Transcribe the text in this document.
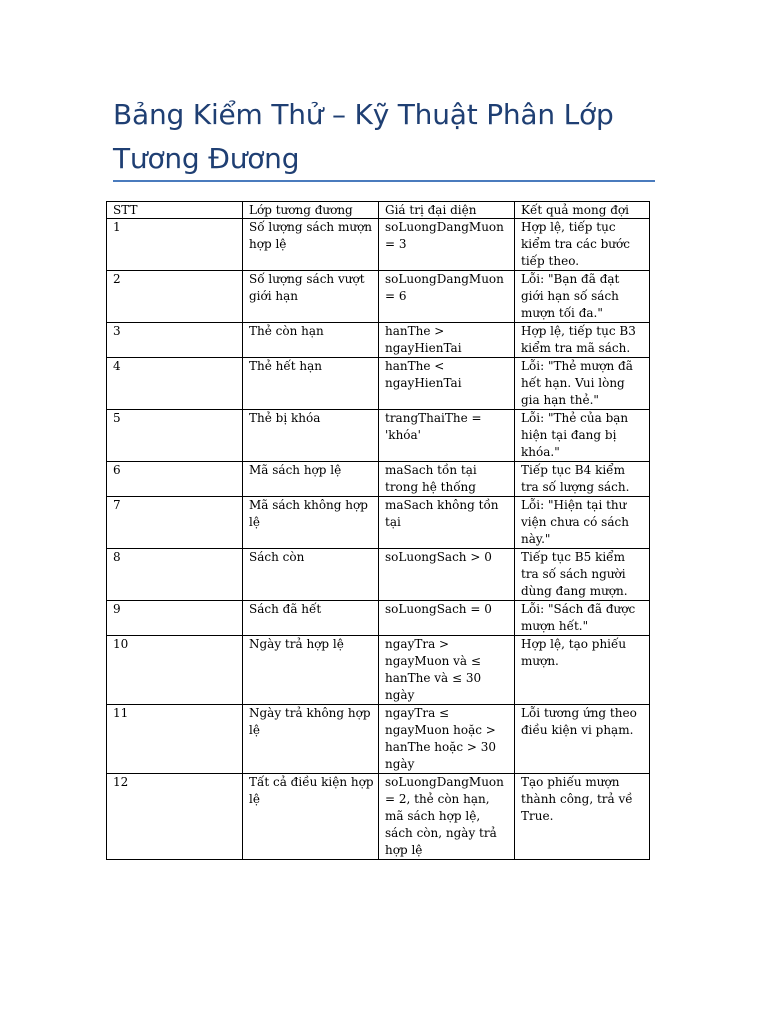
Bảng Kiểm Thử – Kỹ Thuật Phân Lớp Tương Đương
STT	Lớp tương đương	Giá trị đại diện	Kết quả mong đợi
1	Số lượng sách mượn hợp lệ	soLuongDangMuon = 3	Hợp lệ, tiếp tục kiểm tra các bước tiếp theo.
2	Số lượng sách vượt giới hạn	soLuongDangMuon = 6	Lỗi: "Bạn đã đạt giới hạn số sách mượn tối đa."
3	Thẻ còn hạn	hanThe > ngayHienTai	Hợp lệ, tiếp tục B3 kiểm tra mã sách.
4	Thẻ hết hạn	hanThe < ngayHienTai	Lỗi: "Thẻ mượn đã hết hạn. Vui lòng gia hạn thẻ."
5	Thẻ bị khóa	trangThaiThe = 'khóa'	Lỗi: "Thẻ của bạn hiện tại đang bị khóa."
6	Mã sách hợp lệ	maSach tồn tại trong hệ thống	Tiếp tục B4 kiểm tra số lượng sách.
7	Mã sách không hợp lệ	maSach không tồn tại	Lỗi: "Hiện tại thư viện chưa có sách này."
8	Sách còn	soLuongSach > 0	Tiếp tục B5 kiểm tra số sách người dùng đang mượn.
9	Sách đã hết	soLuongSach = 0	Lỗi: "Sách đã được mượn hết."
10	Ngày trả hợp lệ	ngayTra > ngayMuon và ≤ hanThe và ≤ 30 ngày	Hợp lệ, tạo phiếu mượn.
11	Ngày trả không hợp lệ	ngayTra ≤ ngayMuon hoặc > hanThe hoặc > 30 ngày	Lỗi tương ứng theo điều kiện vi phạm.
12	Tất cả điều kiện hợp lệ	soLuongDangMuon = 2, thẻ còn hạn, mã sách hợp lệ, sách còn, ngày trả hợp lệ	Tạo phiếu mượn thành công, trả về True.
